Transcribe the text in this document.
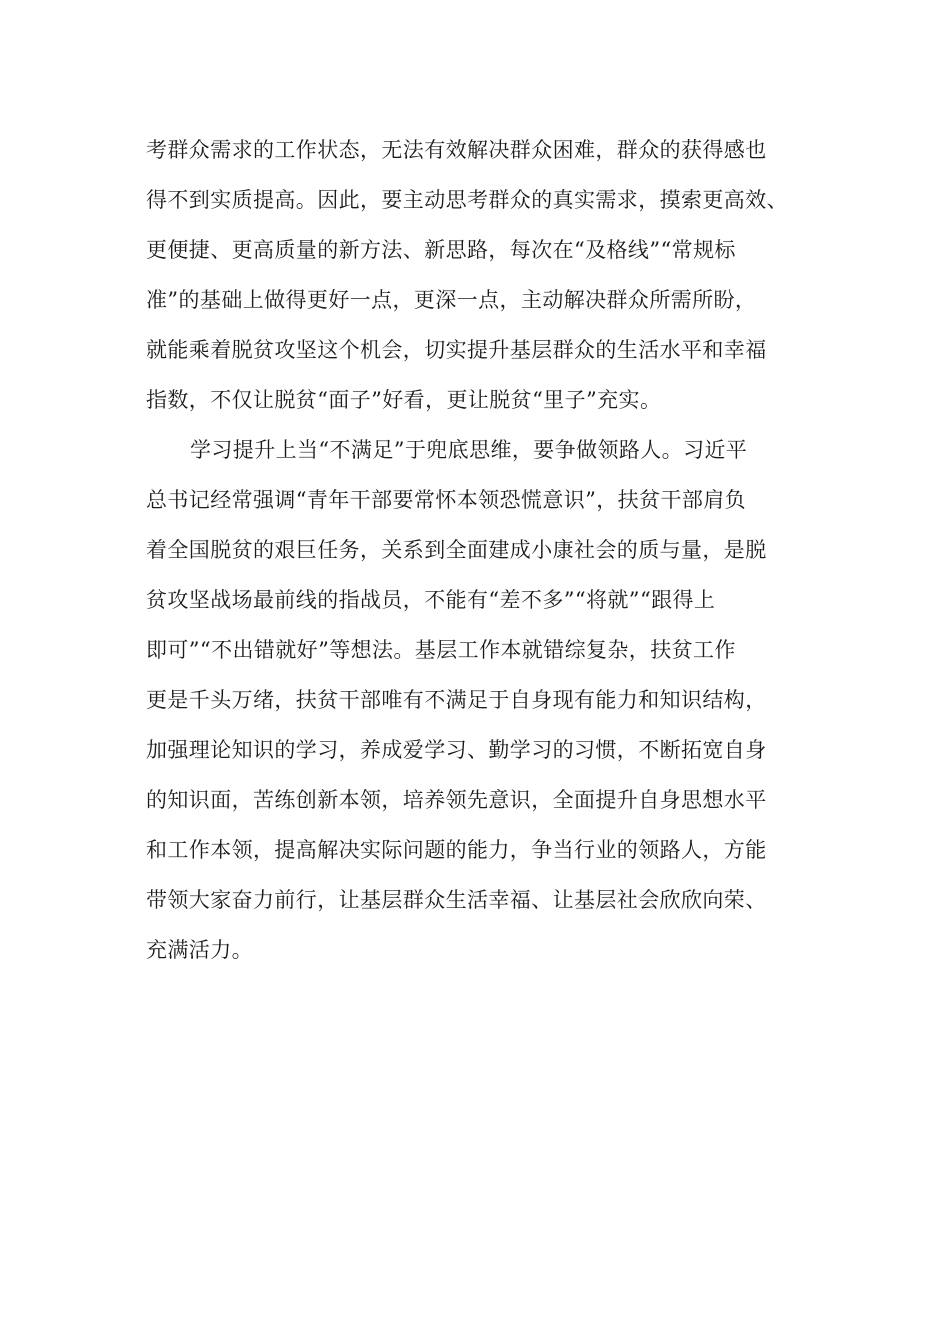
考群众需求的工作状态，无法有效解决群众困难，群众的获得感也

得不到实质提高。因此，要主动思考群众的真实需求，摸索更高效、

更便捷、更高质量的新方法、新思路，每次在“及格线”“常规标

准”的基础上做得更好一点，更深一点，主动解决群众所需所盼，

就能乘着脱贫攻坚这个机会，切实提升基层群众的生活水平和幸福

指数，不仅让脱贫“面子”好看，更让脱贫“里子”充实。

学习提升上当“不满足”于兜底思维，要争做领路人。习近平

总书记经常强调“青年干部要常怀本领恐慌意识”，扶贫干部肩负

着全国脱贫的艰巨任务，关系到全面建成小康社会的质与量，是脱

贫攻坚战场最前线的指战员，不能有“差不多”“将就”“跟得上

即可”“不出错就好”等想法。基层工作本就错综复杂，扶贫工作

更是千头万绪，扶贫干部唯有不满足于自身现有能力和知识结构，

加强理论知识的学习，养成爱学习、勤学习的习惯，不断拓宽自身

的知识面，苦练创新本领，培养领先意识，全面提升自身思想水平

和工作本领，提高解决实际问题的能力，争当行业的领路人，方能

带领大家奋力前行，让基层群众生活幸福、让基层社会欣欣向荣、

充满活力。
